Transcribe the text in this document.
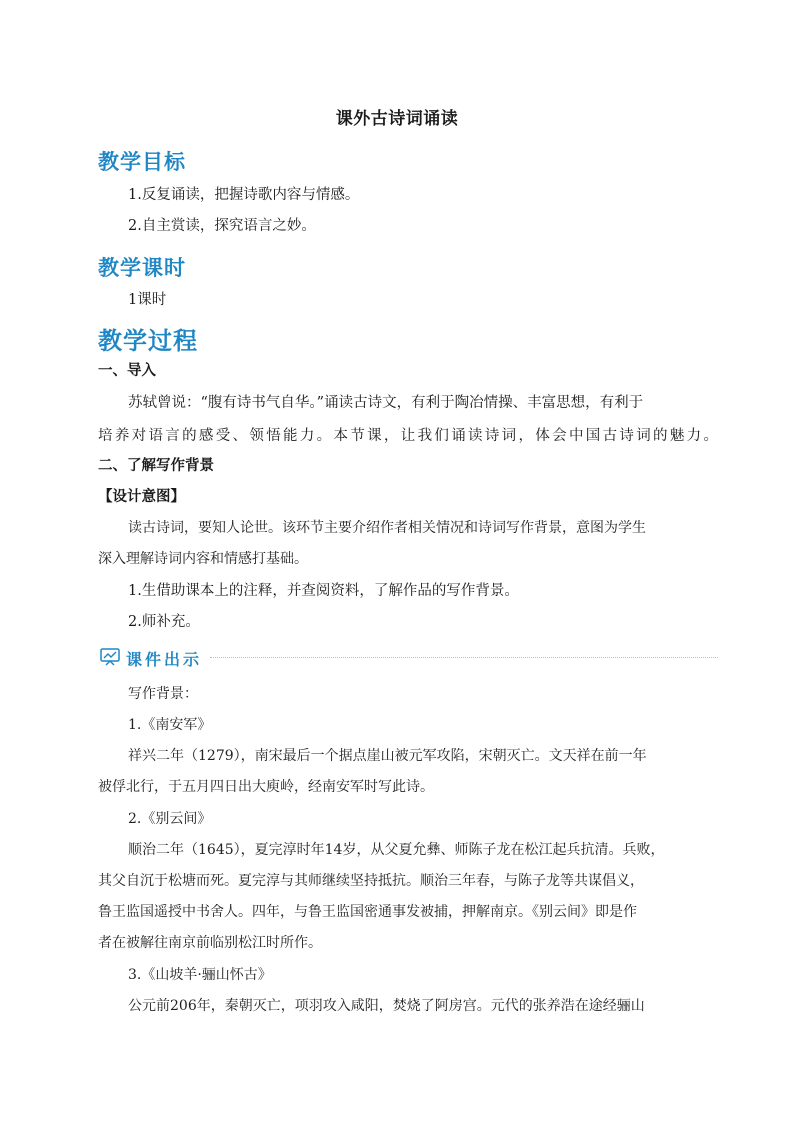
课外古诗词诵读
教学目标
1.反复诵读，把握诗歌内容与情感。
2.自主赏读，探究语言之妙。
教学课时
1课时
教学过程
一、导入
苏轼曾说：“腹有诗书气自华。”诵读古诗文，有利于陶冶情操、丰富思想，有利于
培养对语言的感受、领悟能力。本节课，让我们诵读诗词，体会中国古诗词的魅力。
二、了解写作背景
【设计意图】
读古诗词，要知人论世。该环节主要介绍作者相关情况和诗词写作背景，意图为学生
深入理解诗词内容和情感打基础。
1.生借助课本上的注释，并查阅资料，了解作品的写作背景。
2.师补充。
课件出示
写作背景：
1.《南安军》
祥兴二年（1279），南宋最后一个据点崖山被元军攻陷，宋朝灭亡。文天祥在前一年
被俘北行，于五月四日出大庾岭，经南安军时写此诗。
2.《别云间》
顺治二年（1645），夏完淳时年14岁，从父夏允彝、师陈子龙在松江起兵抗清。兵败，
其父自沉于松塘而死。夏完淳与其师继续坚持抵抗。顺治三年春，与陈子龙等共谋倡义，
鲁王监国遥授中书舍人。四年，与鲁王监国密通事发被捕，押解南京。《别云间》即是作
者在被解往南京前临别松江时所作。
3.《山坡羊·骊山怀古》
公元前206年，秦朝灭亡，项羽攻入咸阳，焚烧了阿房宫。元代的张养浩在途经骊山
